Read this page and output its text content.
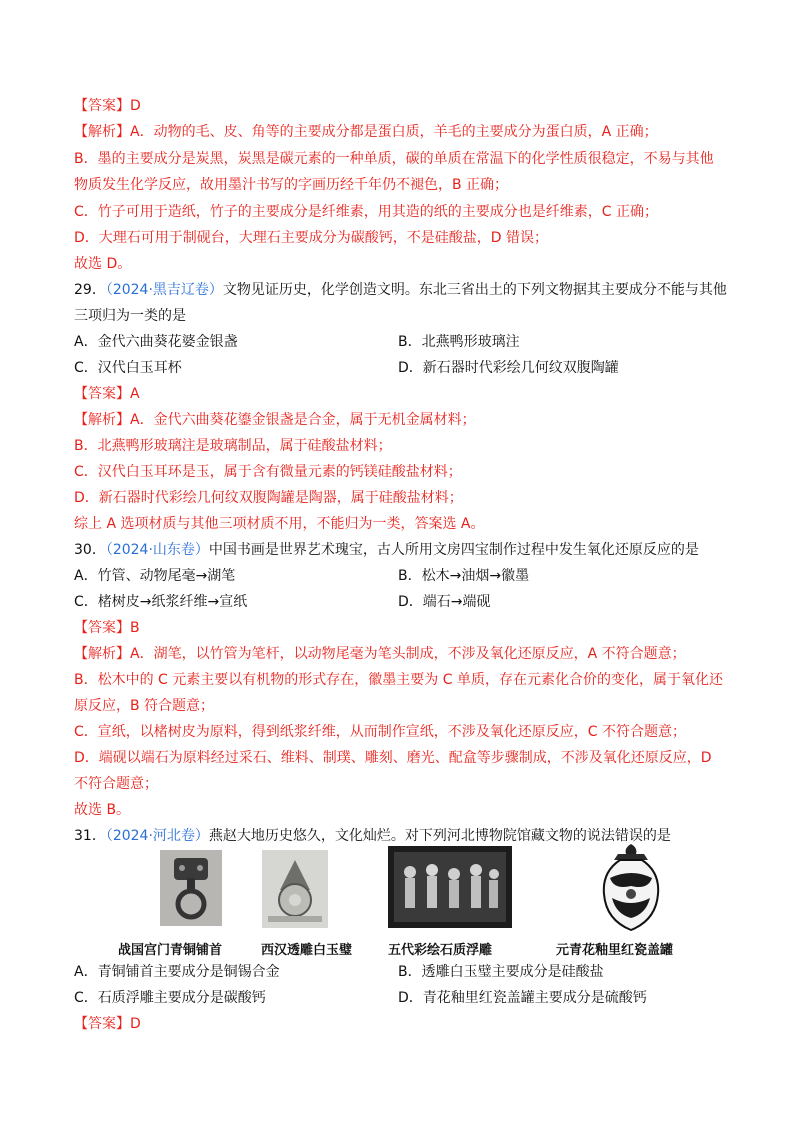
【答案】D
【解析】A．动物的毛、皮、角等的主要成分都是蛋白质，羊毛的主要成分为蛋白质，A 正确；
B．墨的主要成分是炭黑，炭黑是碳元素的一种单质，碳的单质在常温下的化学性质很稳定，不易与其他
物质发生化学反应，故用墨汁书写的字画历经千年仍不褪色，B 正确；
C．竹子可用于造纸，竹子的主要成分是纤维素，用其造的纸的主要成分也是纤维素，C 正确；
D．大理石可用于制砚台，大理石主要成分为碳酸钙，不是硅酸盐，D 错误；
故选 D。
29．（2024·黑吉辽卷）文物见证历史，化学创造文明。东北三省出土的下列文物据其主要成分不能与其他
三项归为一类的是
A．金代六曲葵花婆金银盏	B．北燕鸭形玻璃注
C．汉代白玉耳杯	D．新石器时代彩绘几何纹双腹陶罐
【答案】A
【解析】A．金代六曲葵花鎏金银盏是合金，属于无机金属材料；
B．北燕鸭形玻璃注是玻璃制品，属于硅酸盐材料；
C．汉代白玉耳环是玉，属于含有微量元素的钙镁硅酸盐材料；
D．新石器时代彩绘几何纹双腹陶罐是陶器，属于硅酸盐材料；
综上 A 选项材质与其他三项材质不用，不能归为一类，答案选 A。
30．（2024·山东卷）中国书画是世界艺术瑰宝，古人所用文房四宝制作过程中发生氧化还原反应的是
A．竹管、动物尾毫→湖笔	B．松木→油烟→徽墨
C．楮树皮→纸浆纤维→宣纸	D．端石→端砚
【答案】B
【解析】A．湖笔，以竹管为笔杆，以动物尾毫为笔头制成，不涉及氧化还原反应，A 不符合题意；
B．松木中的 C 元素主要以有机物的形式存在，徽墨主要为 C 单质，存在元素化合价的变化，属于氧化还
原反应，B 符合题意；
C．宣纸，以楮树皮为原料，得到纸浆纤维，从而制作宣纸，不涉及氧化还原反应，C 不符合题意；
D．端砚以端石为原料经过采石、维料、制璞、雕刻、磨光、配盒等步骤制成，不涉及氧化还原反应，D
不符合题意；
故选 B。
31．（2024·河北卷）燕赵大地历史悠久，文化灿烂。对下列河北博物院馆藏文物的说法错误的是
战国宫门青铜铺首	西汉透雕白玉璧	五代彩绘石质浮雕	元青花釉里红瓷盖罐
A．青铜铺首主要成分是铜锡合金	B．透雕白玉璧主要成分是硅酸盐
C．石质浮雕主要成分是碳酸钙	D．青花釉里红瓷盖罐主要成分是硫酸钙
【答案】D
